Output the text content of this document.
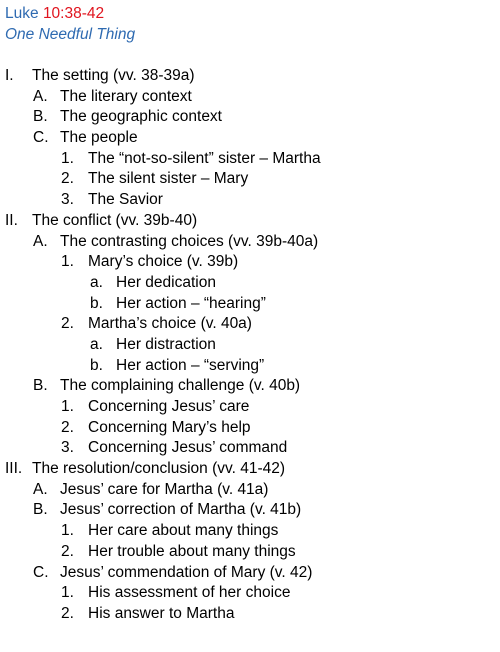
Luke 10:38-42
One Needful Thing
I. The setting (vv. 38-39a)
A. The literary context
B. The geographic context
C. The people
1. The “not-so-silent” sister – Martha
2. The silent sister – Mary
3. The Savior
II. The conflict (vv. 39b-40)
A. The contrasting choices (vv. 39b-40a)
1. Mary’s choice (v. 39b)
a. Her dedication
b. Her action – “hearing”
2. Martha’s choice (v. 40a)
a. Her distraction
b. Her action – “serving”
B. The complaining challenge (v. 40b)
1. Concerning Jesus’ care
2. Concerning Mary’s help
3. Concerning Jesus’ command
III. The resolution/conclusion (vv. 41-42)
A. Jesus’ care for Martha (v. 41a)
B. Jesus’ correction of Martha (v. 41b)
1. Her care about many things
2. Her trouble about many things
C. Jesus’ commendation of Mary (v. 42)
1. His assessment of her choice
2. His answer to Martha
